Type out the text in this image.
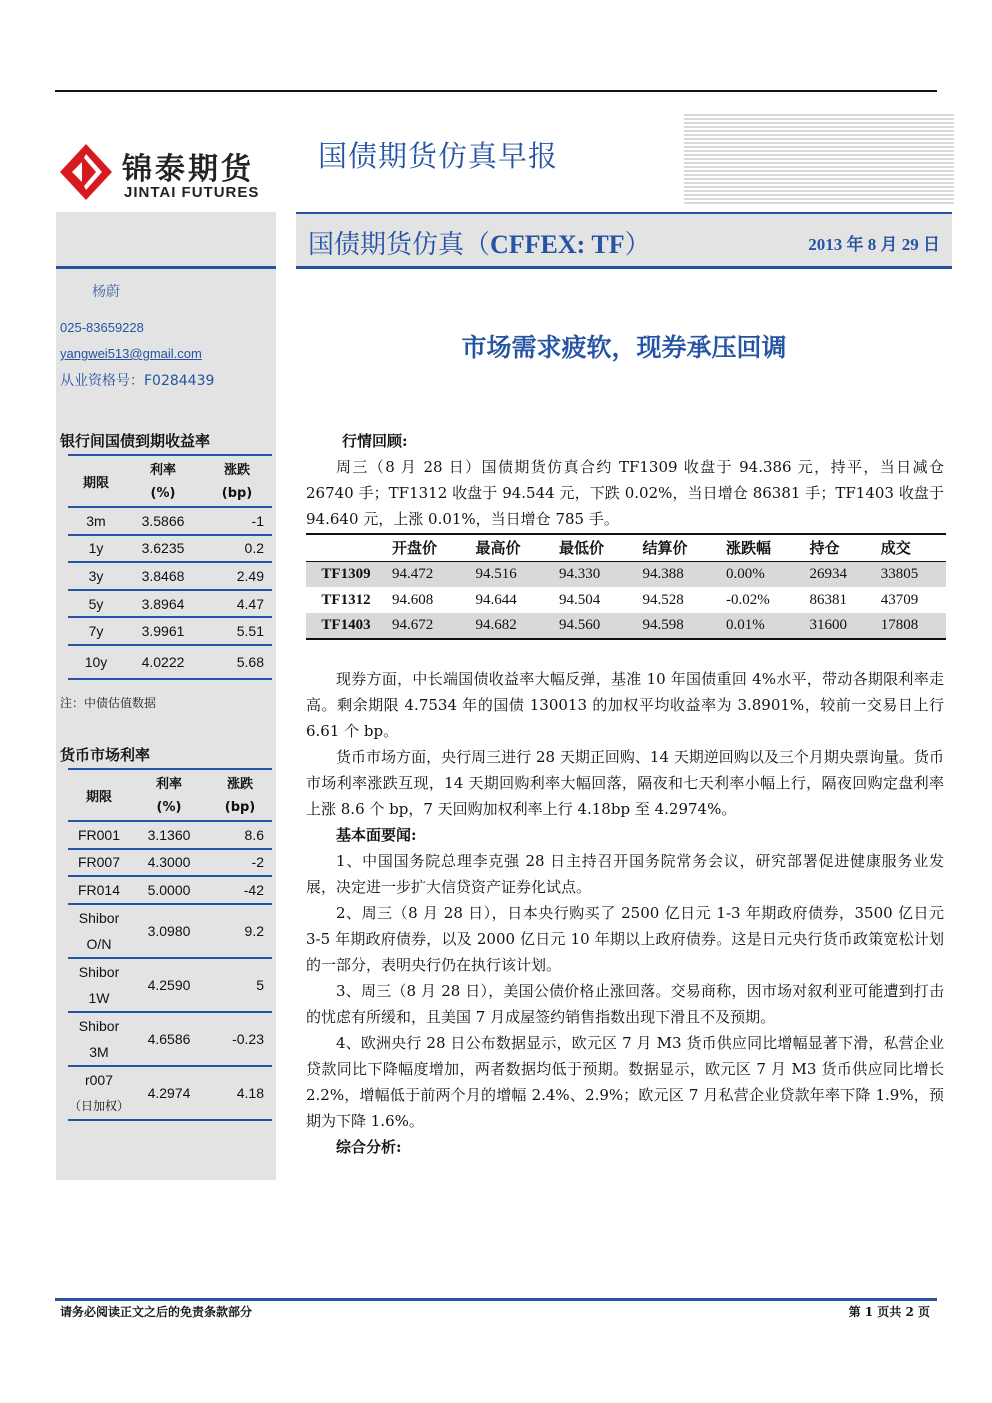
锦泰期货
JINTAI FUTURES
国债期货仿真早报
杨蔚
025-83659228
yangwei513@gmail.com
从业资格号：F0284439
银行间国债到期收益率
期限	利率	涨跌
	(%)	(bp)
3m	3.5866	-1
1y	3.6235	0.2
3y	3.8468	2.49
5y	3.8964	4.47
7y	3.9961	5.51
10y	4.0222	5.68
注：中债估值数据
货币市场利率
期限	利率	涨跌
	(%)	(bp)
FR001	3.1360	8.6
FR007	4.3000	-2
FR014	5.0000	-42

Shibor
O/N	3.0980	9.2

Shibor
1W	4.2590	5

Shibor
3M	4.6586	-0.23

r007
（日加权）	4.2974	4.18
国债期货仿真（CFFEX: TF）	2013 年 8 月 29 日
市场需求疲软，现券承压回调
行情回顾:

周三（8 月 28 日）国债期货仿真合约 TF1309 收盘于 94.386 元，持平，当日减仓 26740 手；TF1312 收盘于 94.544 元，下跌 0.02%，当日增仓 86381 手；TF1403 收盘于 94.640 元，上涨 0.01%，当日增仓 785 手。

	开盘价	最高价	最低价	结算价	涨跌幅	持仓	成交
TF1309	94.472	94.516	94.330	94.388	0.00%	26934	33805
TF1312	94.608	94.644	94.504	94.528	-0.02%	86381	43709
TF1403	94.672	94.682	94.560	94.598	0.01%	31600	17808

现券方面，中长端国债收益率大幅反弹，基准 10 年国债重回 4%水平，带动各期限利率走高。剩余期限 4.7534 年的国债 130013 的加权平均收益率为 3.8901%，较前一交易日上行 6.61 个 bp。

货币市场方面，央行周三进行 28 天期正回购、14 天期逆回购以及三个月期央票询量。货币市场利率涨跌互现，14 天期回购利率大幅回落，隔夜和七天利率小幅上行，隔夜回购定盘利率上涨 8.6 个 bp，7 天回购加权利率上行 4.18bp 至 4.2974%。

基本面要闻:

1、中国国务院总理李克强 28 日主持召开国务院常务会议，研究部署促进健康服务业发展，决定进一步扩大信贷资产证券化试点。

2、周三（8 月 28 日），日本央行购买了 2500 亿日元 1-3 年期政府债券，3500 亿日元 3-5 年期政府债券，以及 2000 亿日元 10 年期以上政府债券。这是日元央行货币政策宽松计划的一部分，表明央行仍在执行该计划。

3、周三（8 月 28 日），美国公债价格止涨回落。交易商称，因市场对叙利亚可能遭到打击的忧虑有所缓和，且美国 7 月成屋签约销售指数出现下滑且不及预期。

4、欧洲央行 28 日公布数据显示，欧元区 7 月 M3 货币供应同比增幅显著下滑，私营企业贷款同比下降幅度增加，两者数据均低于预期。数据显示，欧元区 7 月 M3 货币供应同比增长 2.2%，增幅低于前两个月的增幅 2.4%、2.9%；欧元区 7 月私营企业贷款年率下降 1.9%，预期为下降 1.6%。

综合分析:

请务必阅读正文之后的免责条款部分	第 1 页共 2 页
